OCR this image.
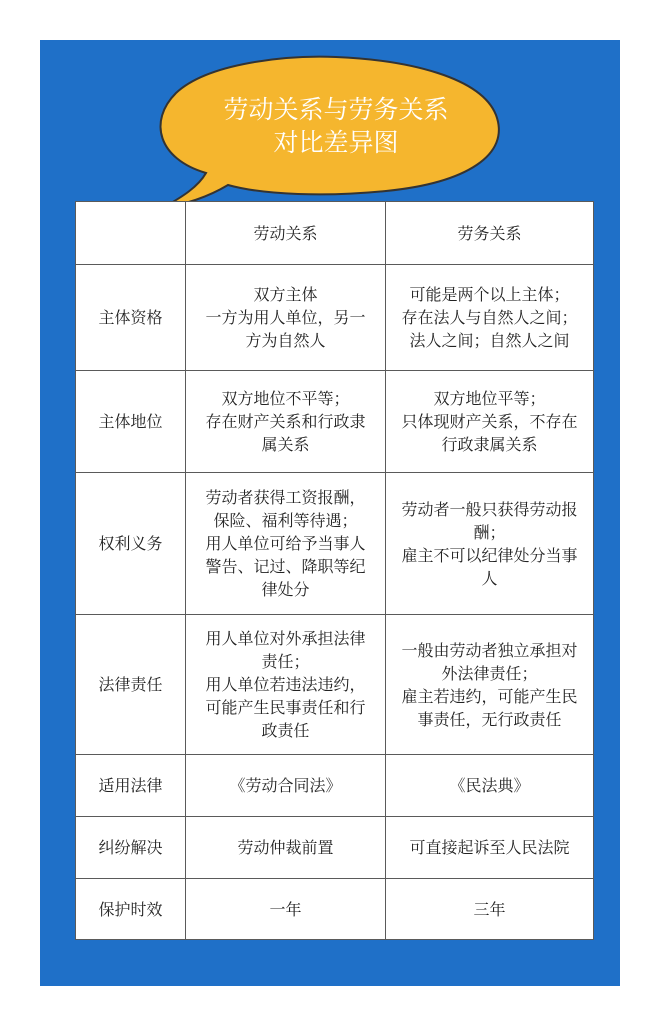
劳动关系与劳务关系
对比差异图
	劳动关系	劳务关系
主体资格	双方主体
一方为用人单位，另一
方为自然人	可能是两个以上主体；
存在法人与自然人之间；
法人之间；自然人之间

主体地位	双方地位不平等；
存在财产关系和行政隶
属关系	双方地位平等；
只体现财产关系，不存在
行政隶属关系

权利义务	劳动者获得工资报酬，
保险、福利等待遇；
用人单位可给予当事人
警告、记过、降职等纪
律处分	劳动者一般只获得劳动报
酬；
雇主不可以纪律处分当事
人

法律责任	用人单位对外承担法律
责任；
用人单位若违法违约，
可能产生民事责任和行
政责任	一般由劳动者独立承担对
外法律责任；
雇主若违约，可能产生民
事责任，无行政责任

适用法律	《劳动合同法》	《民法典》
纠纷解决	劳动仲裁前置	可直接起诉至人民法院
保护时效	一年	三年
